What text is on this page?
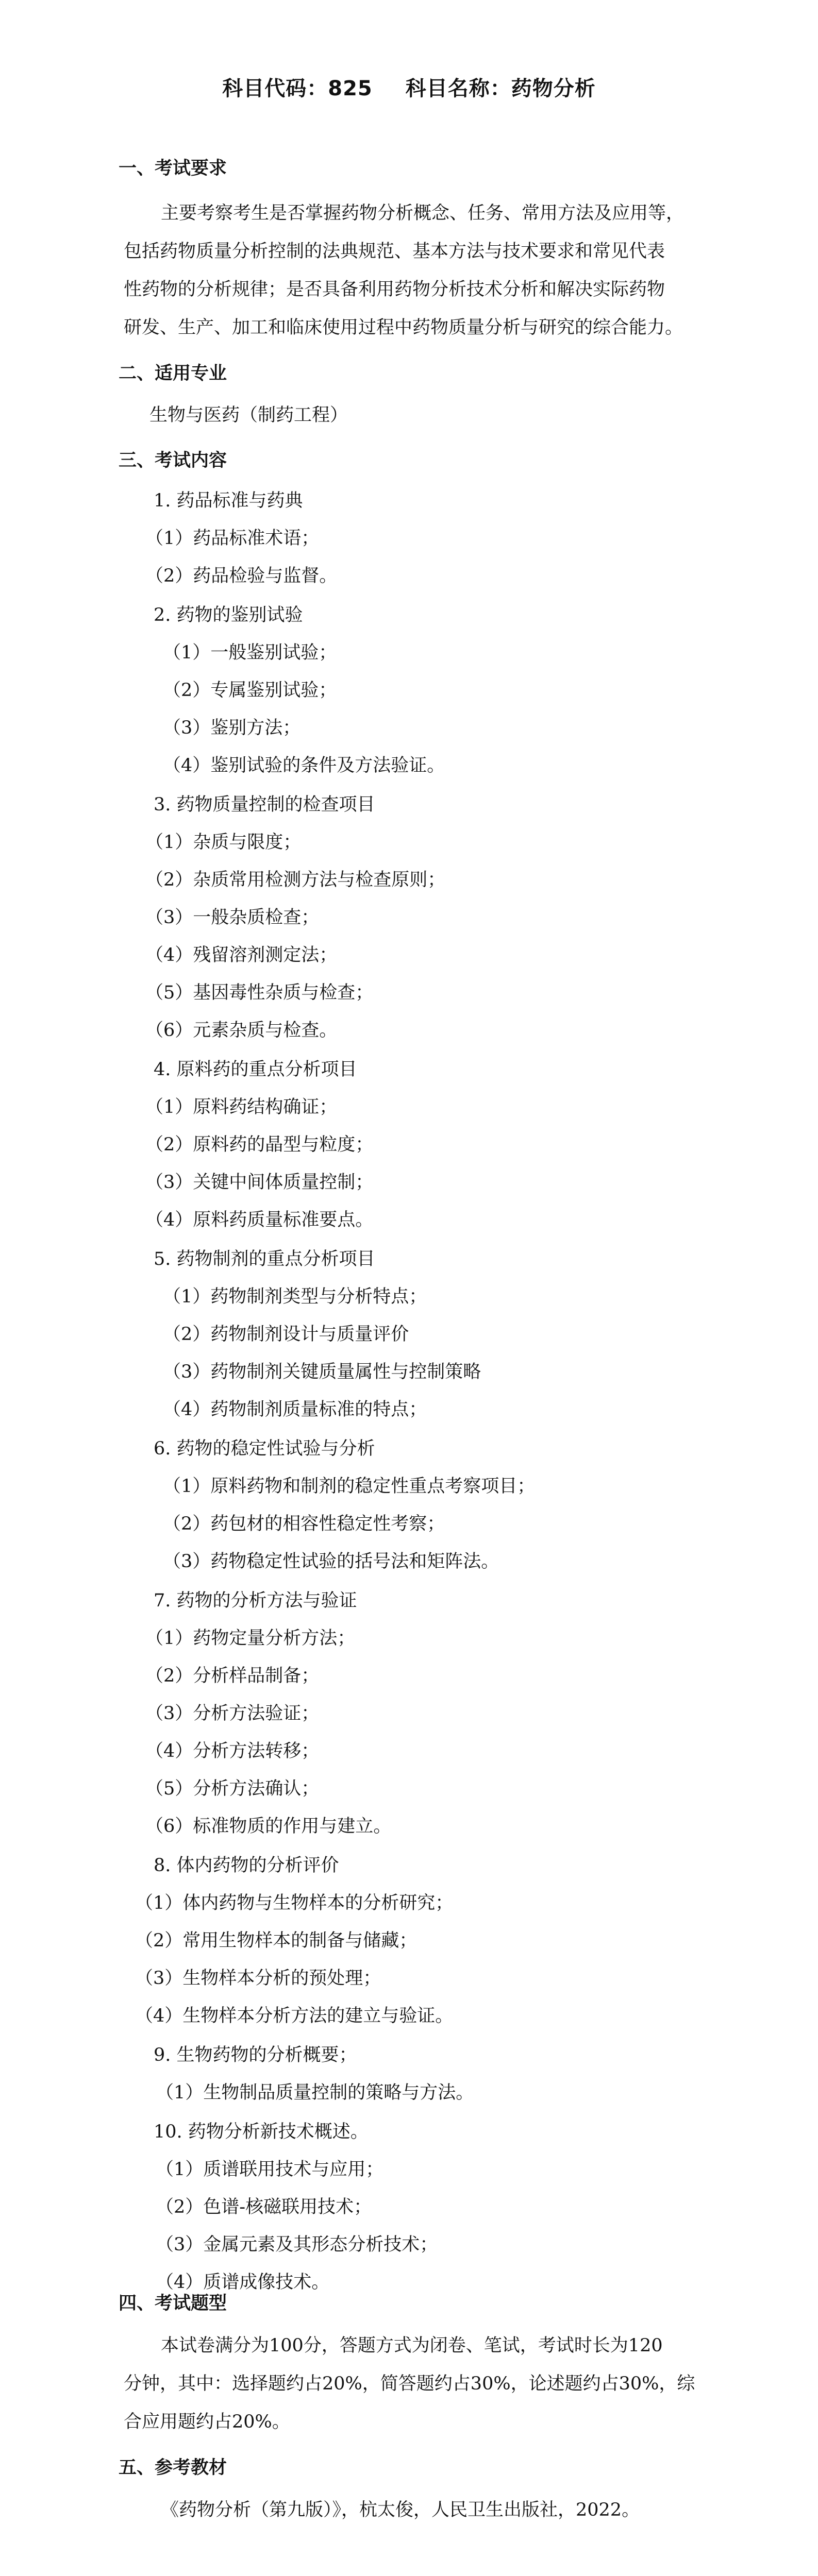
科目代码：825 科目名称：药物分析
一、考试要求
主要考察考生是否掌握药物分析概念、任务、常用方法及应用等，
包括药物质量分析控制的法典规范、基本方法与技术要求和常见代表
性药物的分析规律；是否具备利用药物分析技术分析和解决实际药物
研发、生产、加工和临床使用过程中药物质量分析与研究的综合能力。
二、适用专业
生物与医药（制药工程）
三、考试内容
1. 药品标准与药典
（1）药品标准术语；
（2）药品检验与监督。
2. 药物的鉴别试验
（1）一般鉴别试验；
（2）专属鉴别试验；
（3）鉴别方法；
（4）鉴别试验的条件及方法验证。
3. 药物质量控制的检查项目
（1）杂质与限度；
（2）杂质常用检测方法与检查原则；
（3）一般杂质检查；
（4）残留溶剂测定法；
（5）基因毒性杂质与检查；
（6）元素杂质与检查。
4. 原料药的重点分析项目
（1）原料药结构确证；
（2）原料药的晶型与粒度；
（3）关键中间体质量控制；
（4）原料药质量标准要点。
5. 药物制剂的重点分析项目
（1）药物制剂类型与分析特点；
（2）药物制剂设计与质量评价
（3）药物制剂关键质量属性与控制策略
（4）药物制剂质量标准的特点；
6. 药物的稳定性试验与分析
（1）原料药物和制剂的稳定性重点考察项目；
（2）药包材的相容性稳定性考察；
（3）药物稳定性试验的括号法和矩阵法。
7. 药物的分析方法与验证
（1）药物定量分析方法；
（2）分析样品制备；
（3）分析方法验证；
（4）分析方法转移；
（5）分析方法确认；
（6）标准物质的作用与建立。
8. 体内药物的分析评价
（1）体内药物与生物样本的分析研究；
（2）常用生物样本的制备与储藏；
（3）生物样本分析的预处理；
（4）生物样本分析方法的建立与验证。
9. 生物药物的分析概要；
（1）生物制品质量控制的策略与方法。
10. 药物分析新技术概述。
（1）质谱联用技术与应用；
（2）色谱-核磁联用技术；
（3）金属元素及其形态分析技术；
（4）质谱成像技术。
四、考试题型
本试卷满分为100分，答题方式为闭卷、笔试，考试时长为120
分钟，其中：选择题约占20%，简答题约占30%，论述题约占30%，综
合应用题约占20%。
五、参考教材
《药物分析（第九版）》，杭太俊，人民卫生出版社，2022。
